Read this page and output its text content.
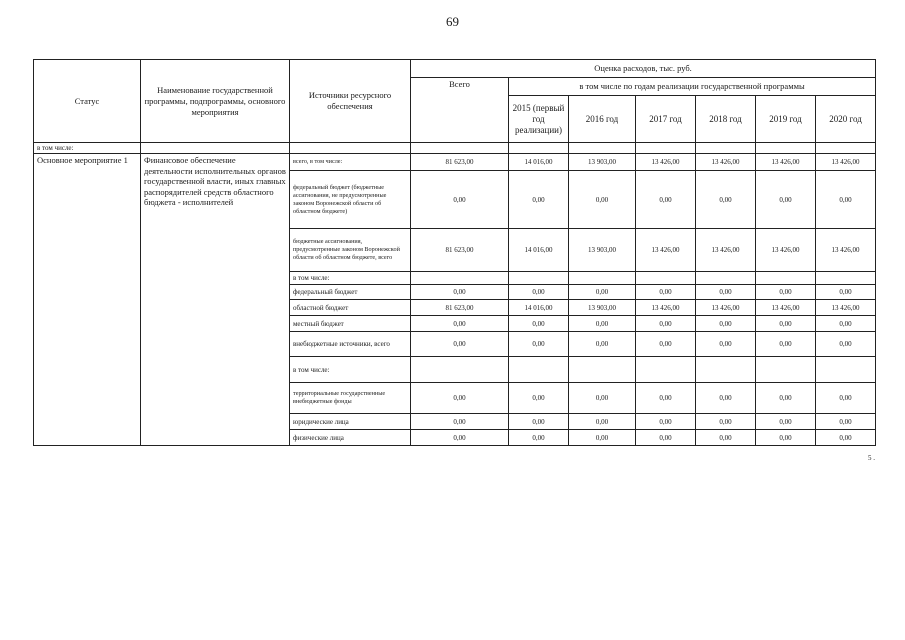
69
Статус	Наименование государственной программы, подпрограммы, основного мероприятия	Источники ресурсного обеспечения	Оценка расходов, тыс. руб.						
			Всего	в том числе по годам реализации государственной программы					
				2015 (первый год реализации)	2016 год	2017 год	2018 год	2019 год	2020 год
в том числе:									
Основное мероприятие 1	Финансовое обеспечение деятельности исполнительных органов государственной власти, иных главных распорядителей средств областного бюджета - исполнителей	всего, в том числе:	81 623,00	14 016,00	13 903,00	13 426,00	13 426,00	13 426,00	13 426,00
		федеральный бюджет (бюджетные ассигнования, не предусмотренные законом Воронежской области об областном бюджете)	0,00	0,00	0,00	0,00	0,00	0,00	0,00
		бюджетные ассигнования, предусмотренные законом Воронежской области об областном бюджете, всего	81 623,00	14 016,00	13 903,00	13 426,00	13 426,00	13 426,00	13 426,00
		в том числе:							
		федеральный бюджет	0,00	0,00	0,00	0,00	0,00	0,00	0,00
		областной бюджет	81 623,00	14 016,00	13 903,00	13 426,00	13 426,00	13 426,00	13 426,00
		местный бюджет	0,00	0,00	0,00	0,00	0,00	0,00	0,00
		внебюджетные источники, всего	0,00	0,00	0,00	0,00	0,00	0,00	0,00
		в том числе:							
		территориальные государственные внебюджетные фонды	0,00	0,00	0,00	0,00	0,00	0,00	0,00
		юридические лица	0,00	0,00	0,00	0,00	0,00	0,00	0,00
		физические лица	0,00	0,00	0,00	0,00	0,00	0,00	0,00
5 .
